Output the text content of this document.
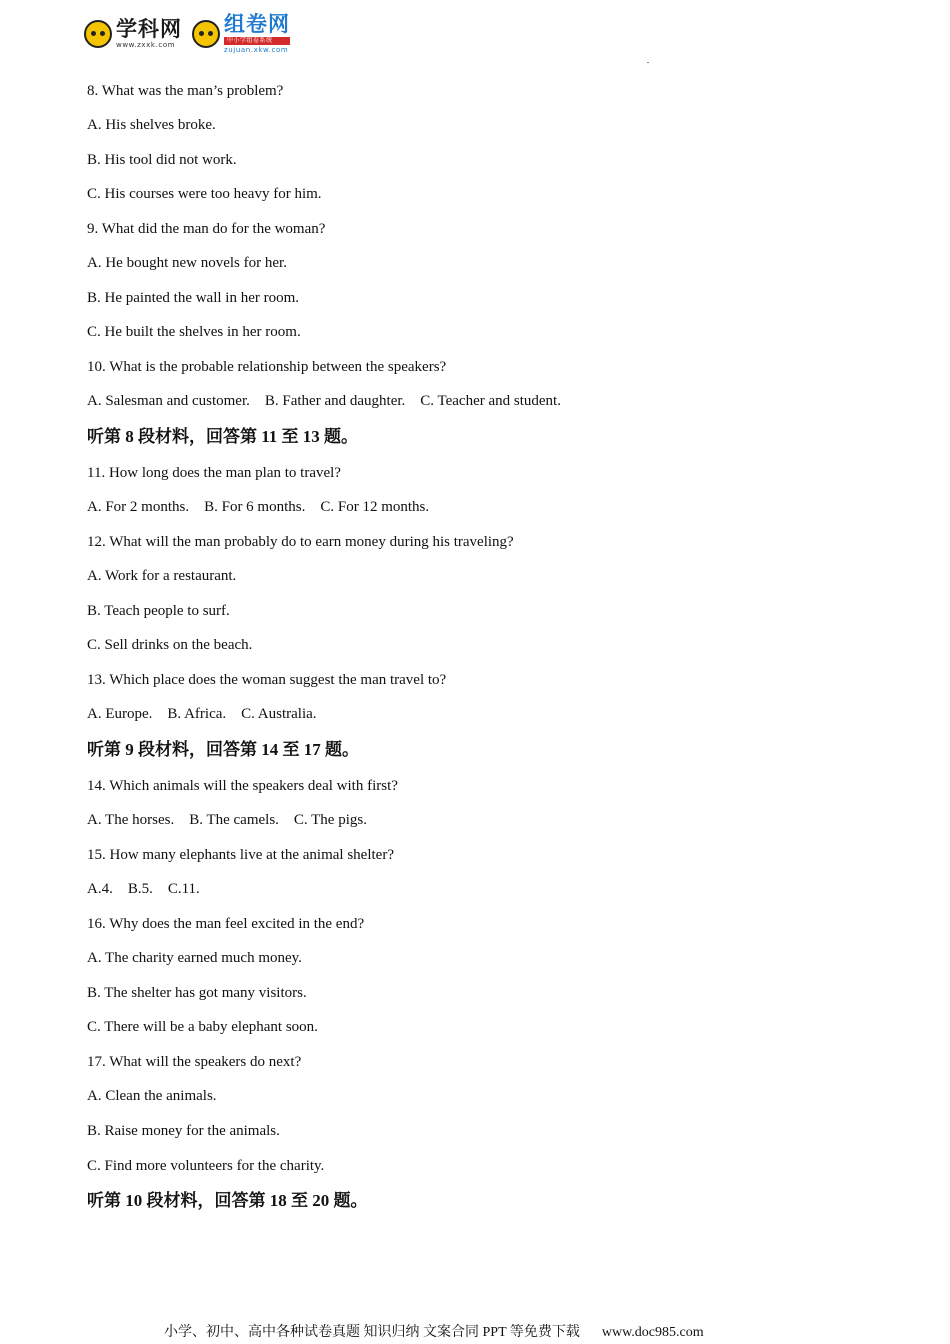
学科网
www.zxxk.com
组卷网
中小学组卷系统
zujuan.xkw.com
8. What was the man’s problem?
A. His shelves broke.
B. His tool did not work.
C. His courses were too heavy for him.
9. What did the man do for the woman?
A. He bought new novels for her.
B. He painted the wall in her room.
C. He built the shelves in her room.
10. What is the probable relationship between the speakers?
A. Salesman and customer.    B. Father and daughter.    C. Teacher and student.
听第 8 段材料，回答第 11 至 13 题。
11. How long does the man plan to travel?
A. For 2 months.    B. For 6 months.    C. For 12 months.
12. What will the man probably do to earn money during his traveling?
A. Work for a restaurant.
B. Teach people to surf.
C. Sell drinks on the beach.
13. Which place does the woman suggest the man travel to?
A. Europe.    B. Africa.    C. Australia.
听第 9 段材料，回答第 14 至 17 题。
14. Which animals will the speakers deal with first?
A. The horses.    B. The camels.    C. The pigs.
15. How many elephants live at the animal shelter?
A.4.    B.5.    C.11.
16. Why does the man feel excited in the end?
A. The charity earned much money.
B. The shelter has got many visitors.
C. There will be a baby elephant soon.
17. What will the speakers do next?
A. Clean the animals.
B. Raise money for the animals.
C. Find more volunteers for the charity.
听第 10 段材料，回答第 18 至 20 题。
小学、初中、高中各种试卷真题 知识归纳 文案合同 PPT 等免费下载 www.doc985.com
